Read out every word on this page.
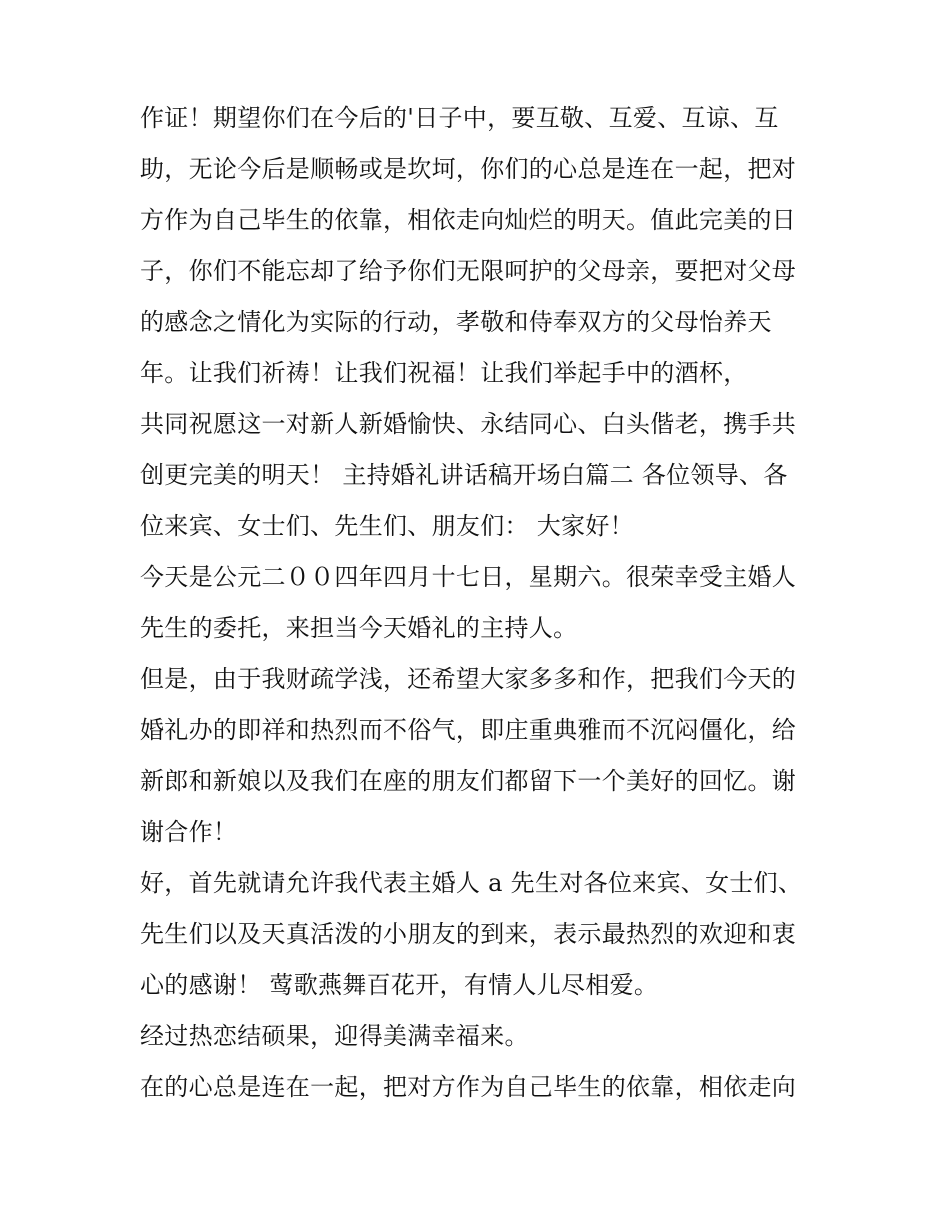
作证！期望你们在今后的'日子中，要互敬、互爱、互谅、互
助，无论今后是顺畅或是坎坷，你们的心总是连在一起，把对
方作为自己毕生的依靠，相依走向灿烂的明天。值此完美的日
子，你们不能忘却了给予你们无限呵护的父母亲，要把对父母
的感念之情化为实际的行动，孝敬和侍奉双方的父母怡养天
年。让我们祈祷！让我们祝福！让我们举起手中的酒杯，
共同祝愿这一对新人新婚愉快、永结同心、白头偕老，携手共
创更完美的明天！ 主持婚礼讲话稿开场白篇二 各位领导、各
位来宾、女士们、先生们、朋友们： 大家好！
今天是公元二００四年四月十七日，星期六。很荣幸受主婚人
先生的委托，来担当今天婚礼的主持人。
但是，由于我财疏学浅，还希望大家多多和作，把我们今天的
婚礼办的即祥和热烈而不俗气，即庄重典雅而不沉闷僵化，给
新郎和新娘以及我们在座的朋友们都留下一个美好的回忆。谢
谢合作！
好，首先就请允许我代表主婚人 a 先生对各位来宾、女士们、
先生们以及天真活泼的小朋友的到来，表示最热烈的欢迎和衷
心的感谢！ 莺歌燕舞百花开，有情人儿尽相爱。
经过热恋结硕果，迎得美满幸福来。
在的心总是连在一起，把对方作为自己毕生的依靠，相依走向
